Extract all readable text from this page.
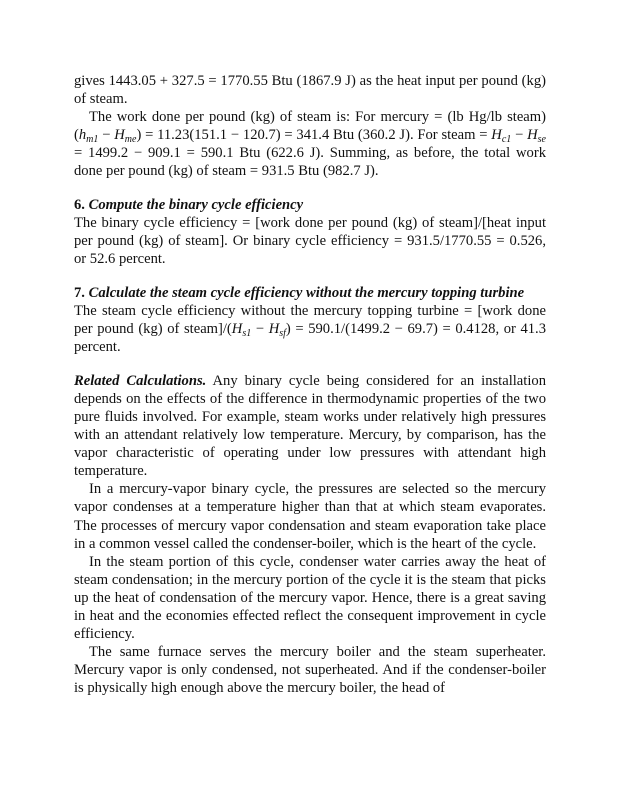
gives 1443.05 + 327.5 = 1770.55 Btu (1867.9 J) as the heat input per pound (kg) of steam.

The work done per pound (kg) of steam is: For mercury = (lb Hg/lb steam) $(h_{m1} - H_{me}) = 11.23(151.1 - 120.7) = 341.4$ Btu (360.2 J). For steam = $H_{c1} - H_{se} = 1499.2 - 909.1 = 590.1$ Btu (622.6 J). Summing, as before, the total work done per pound (kg) of steam = 931.5 Btu (982.7 J).

6. Compute the binary cycle efficiency

The binary cycle efficiency = [work done per pound (kg) of steam]/[heat input per pound (kg) of steam]. Or binary cycle efficiency = 931.5/1770.55 = 0.526, or 52.6 percent.

7. Calculate the steam cycle efficiency without the mercury topping turbine

The steam cycle efficiency without the mercury topping turbine = [work done per pound (kg) of $steam]/(H_{s1} - H_{sf}) = 590.1/(1499.2 - 69.7) = 0.4128$, or 41.3 percent.

Related Calculations. Any binary cycle being considered for an installation depends on the effects of the difference in thermodynamic properties of the two pure fluids involved. For example, steam works under relatively high pressures with an attendant relatively low temperature. Mercury, by comparison, has the vapor characteristic of operating under low pressures with attendant high temperature.

In a mercury-vapor binary cycle, the pressures are selected so the mercury vapor condenses at a temperature higher than that at which steam evaporates. The processes of mercury vapor condensation and steam evaporation take place in a common vessel called the condenser-boiler, which is the heart of the cycle.

In the steam portion of this cycle, condenser water carries away the heat of steam condensation; in the mercury portion of the cycle it is the steam that picks up the heat of condensation of the mercury vapor. Hence, there is a great saving in heat and the economies effected reflect the consequent improvement in cycle efficiency.

The same furnace serves the mercury boiler and the steam superheater. Mercury vapor is only condensed, not superheated. And if the condenser-boiler is physically high enough above the mercury boiler, the head of
